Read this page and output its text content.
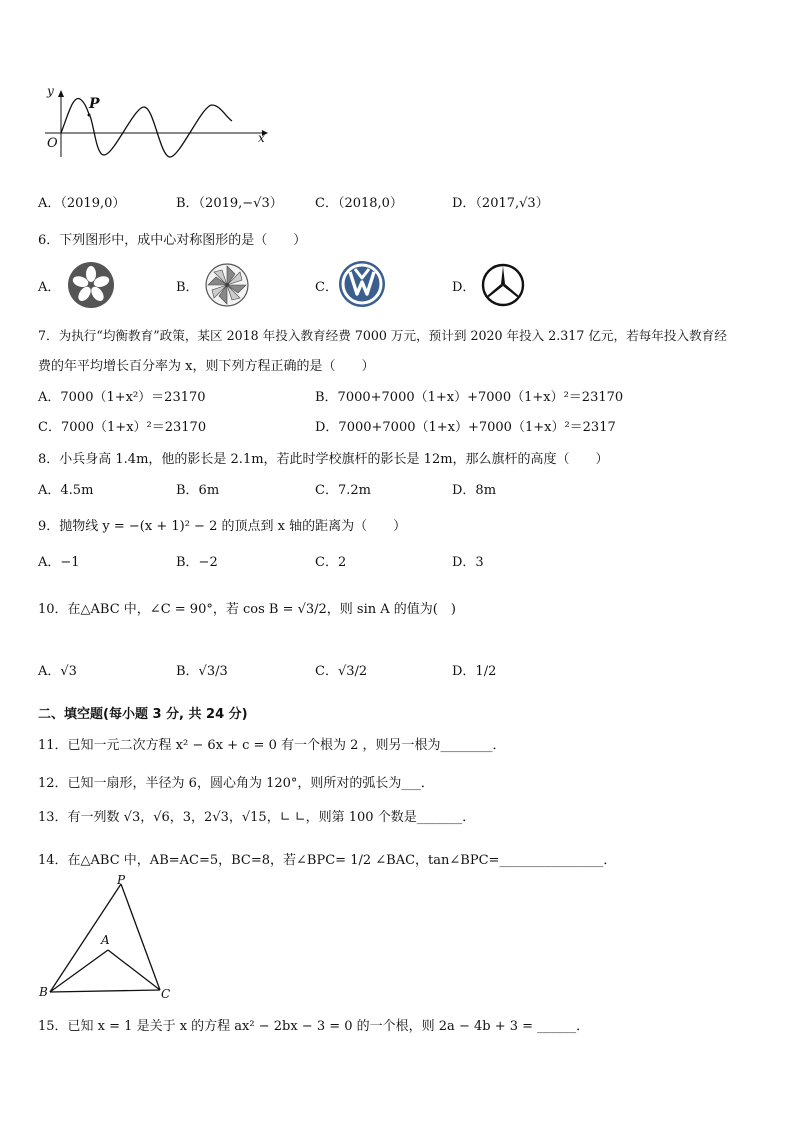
y
P
O	x
A．（2019,0）	B．（2019,−√3） C．（2018,0）	D．（2017,√3）
6．下列图形中，成中心对称图形的是（　　）
A．	B．	C．	D．
7．为执行“均衡教育”政策，某区 2018 年投入教育经费 7000 万元，预计到 2020 年投入 2.317 亿元，若每年投入教育经
费的年平均增长百分率为 x，则下列方程正确的是（　　）
A．7000（1+x²）＝23170	B．7000+7000（1+x）+7000（1+x）²＝23170
C．7000（1+x）²＝23170	D．7000+7000（1+x）+7000（1+x）²＝2317
8．小兵身高 1.4m，他的影长是 2.1m，若此时学校旗杆的影长是 12m，那么旗杆的高度（　　）
A．4.5m	B．6m	C．7.2m	D．8m
9．抛物线 y = −(x + 1)² − 2 的顶点到 x 轴的距离为（　　）
A．−1	B．−2	C．2	D．3
10．在△ABC 中，∠C = 90°，若 cos B = √3/2，则 sin A 的值为(　)
A．√3	B．√3/3	C．√3/2	D．1/2
二、填空题(每小题 3 分, 共 24 分)
11．已知一元二次方程 x² − 6x + c = 0 有一个根为 2 ，则另一根为________．
12．已知一扇形，半径为 6，圆心角为 120°，则所对的弧长为___．
13．有一列数 √3，√6，3，2√3，√15，∟ ∟，则第 100 个数是_______．
14．在△ABC 中，AB=AC=5，BC=8，若∠BPC= 1/2 ∠BAC，tan∠BPC=________________．
P
A
B	C
15．已知 x = 1 是关于 x 的方程 ax² − 2bx − 3 = 0 的一个根，则 2a − 4b + 3 = ______．
